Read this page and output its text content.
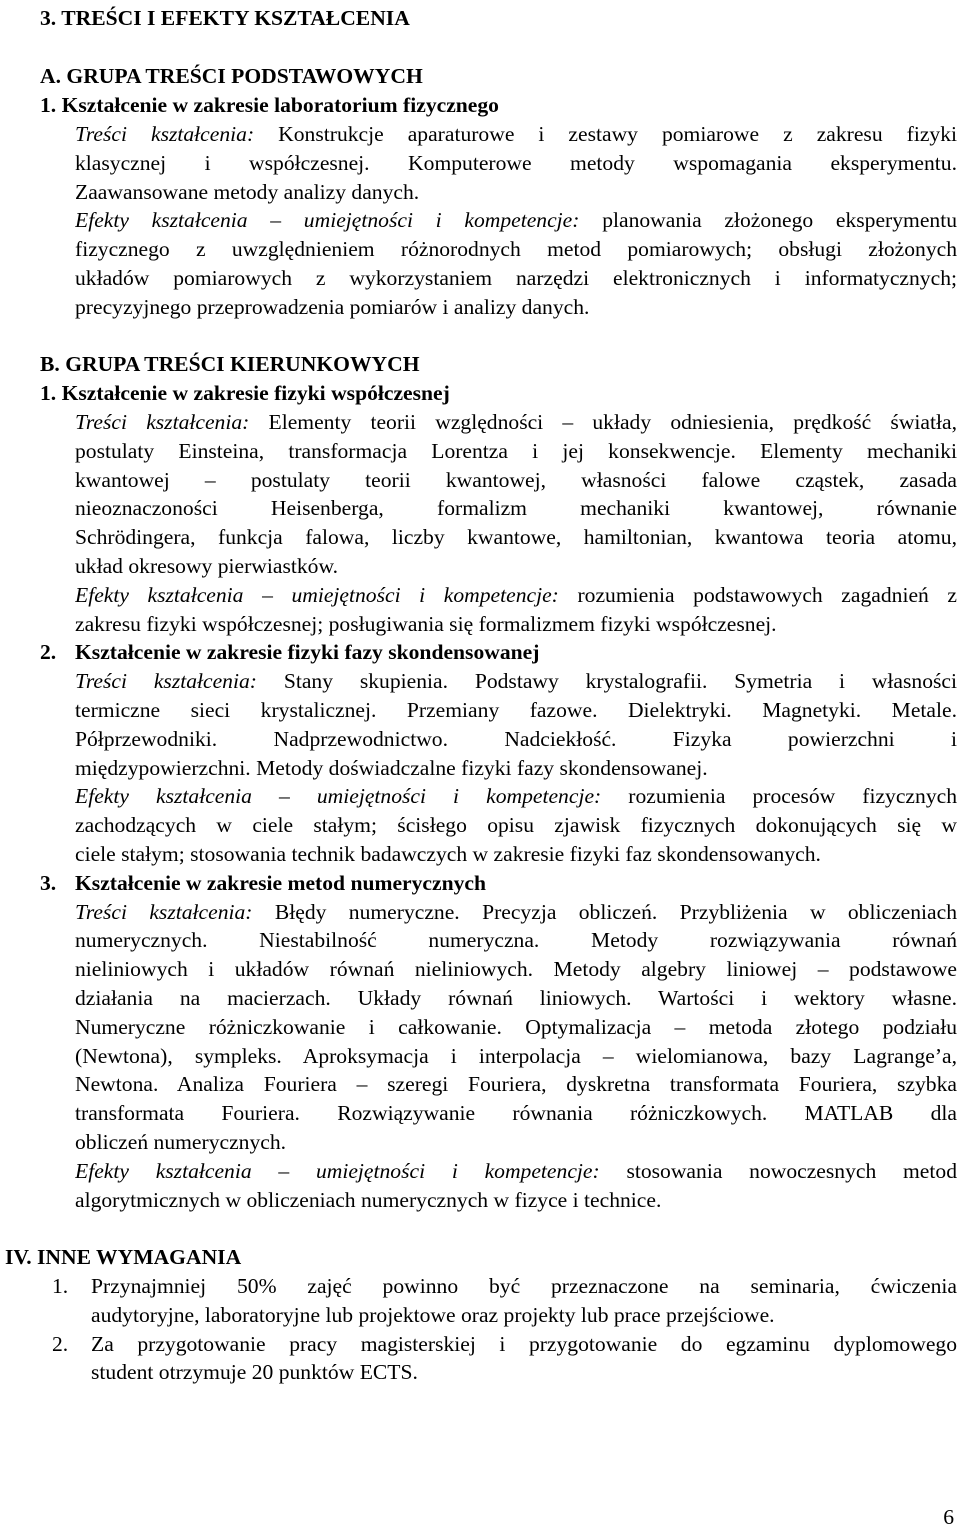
3. TREŚCI I EFEKTY KSZTAŁCENIA
A. GRUPA TREŚCI PODSTAWOWYCH
1. Kształcenie w zakresie laboratorium fizycznego
Treści kształcenia: Konstrukcje aparaturowe i zestawy pomiarowe z zakresu fizyki
klasycznej i współczesnej. Komputerowe metody wspomagania eksperymentu.
Zaawansowane metody analizy danych.
Efekty kształcenia – umiejętności i kompetencje: planowania złożonego eksperymentu
fizycznego z uwzględnieniem różnorodnych metod pomiarowych; obsługi złożonych
układów pomiarowych z wykorzystaniem narzędzi elektronicznych i informatycznych;
precyzyjnego przeprowadzenia pomiarów i analizy danych.
B. GRUPA TREŚCI KIERUNKOWYCH
1. Kształcenie w zakresie fizyki współczesnej
Treści kształcenia: Elementy teorii względności – układy odniesienia, prędkość światła,
postulaty Einsteina, transformacja Lorentza i jej konsekwencje. Elementy mechaniki
kwantowej – postulaty teorii kwantowej, własności falowe cząstek, zasada
nieoznaczoności Heisenberga, formalizm mechaniki kwantowej, równanie
Schrödingera, funkcja falowa, liczby kwantowe, hamiltonian, kwantowa teoria atomu,
układ okresowy pierwiastków.
Efekty kształcenia – umiejętności i kompetencje: rozumienia podstawowych zagadnień z
zakresu fizyki współczesnej; posługiwania się formalizmem fizyki współczesnej.
2. Kształcenie w zakresie fizyki fazy skondensowanej
Treści kształcenia: Stany skupienia. Podstawy krystalografii. Symetria i własności
termiczne sieci krystalicznej. Przemiany fazowe. Dielektryki. Magnetyki. Metale.
Półprzewodniki. Nadprzewodnictwo. Nadciekłość. Fizyka powierzchni i
międzypowierzchni. Metody doświadczalne fizyki fazy skondensowanej.
Efekty kształcenia – umiejętności i kompetencje: rozumienia procesów fizycznych
zachodzących w ciele stałym; ścisłego opisu zjawisk fizycznych dokonujących się w
ciele stałym; stosowania technik badawczych w zakresie fizyki faz skondensowanych.
3. Kształcenie w zakresie metod numerycznych
Treści kształcenia: Błędy numeryczne. Precyzja obliczeń. Przybliżenia w obliczeniach
numerycznych. Niestabilność numeryczna. Metody rozwiązywania równań
nieliniowych i układów równań nieliniowych. Metody algebry liniowej – podstawowe
działania na macierzach. Układy równań liniowych. Wartości i wektory własne.
Numeryczne różniczkowanie i całkowanie. Optymalizacja – metoda złotego podziału
(Newtona), sympleks. Aproksymacja i interpolacja – wielomianowa, bazy Lagrange’a,
Newtona. Analiza Fouriera – szeregi Fouriera, dyskretna transformata Fouriera, szybka
transformata Fouriera. Rozwiązywanie równania różniczkowych. MATLAB dla
obliczeń numerycznych.
Efekty kształcenia – umiejętności i kompetencje: stosowania nowoczesnych metod
algorytmicznych w obliczeniach numerycznych w fizyce i technice.
IV. INNE WYMAGANIA
1.	Przynajmniej 50% zajęć powinno być przeznaczone na seminaria, ćwiczenia
audytoryjne, laboratoryjne lub projektowe oraz projekty lub prace przejściowe.
2.	Za przygotowanie pracy magisterskiej i przygotowanie do egzaminu dyplomowego
student otrzymuje 20 punktów ECTS.
6
